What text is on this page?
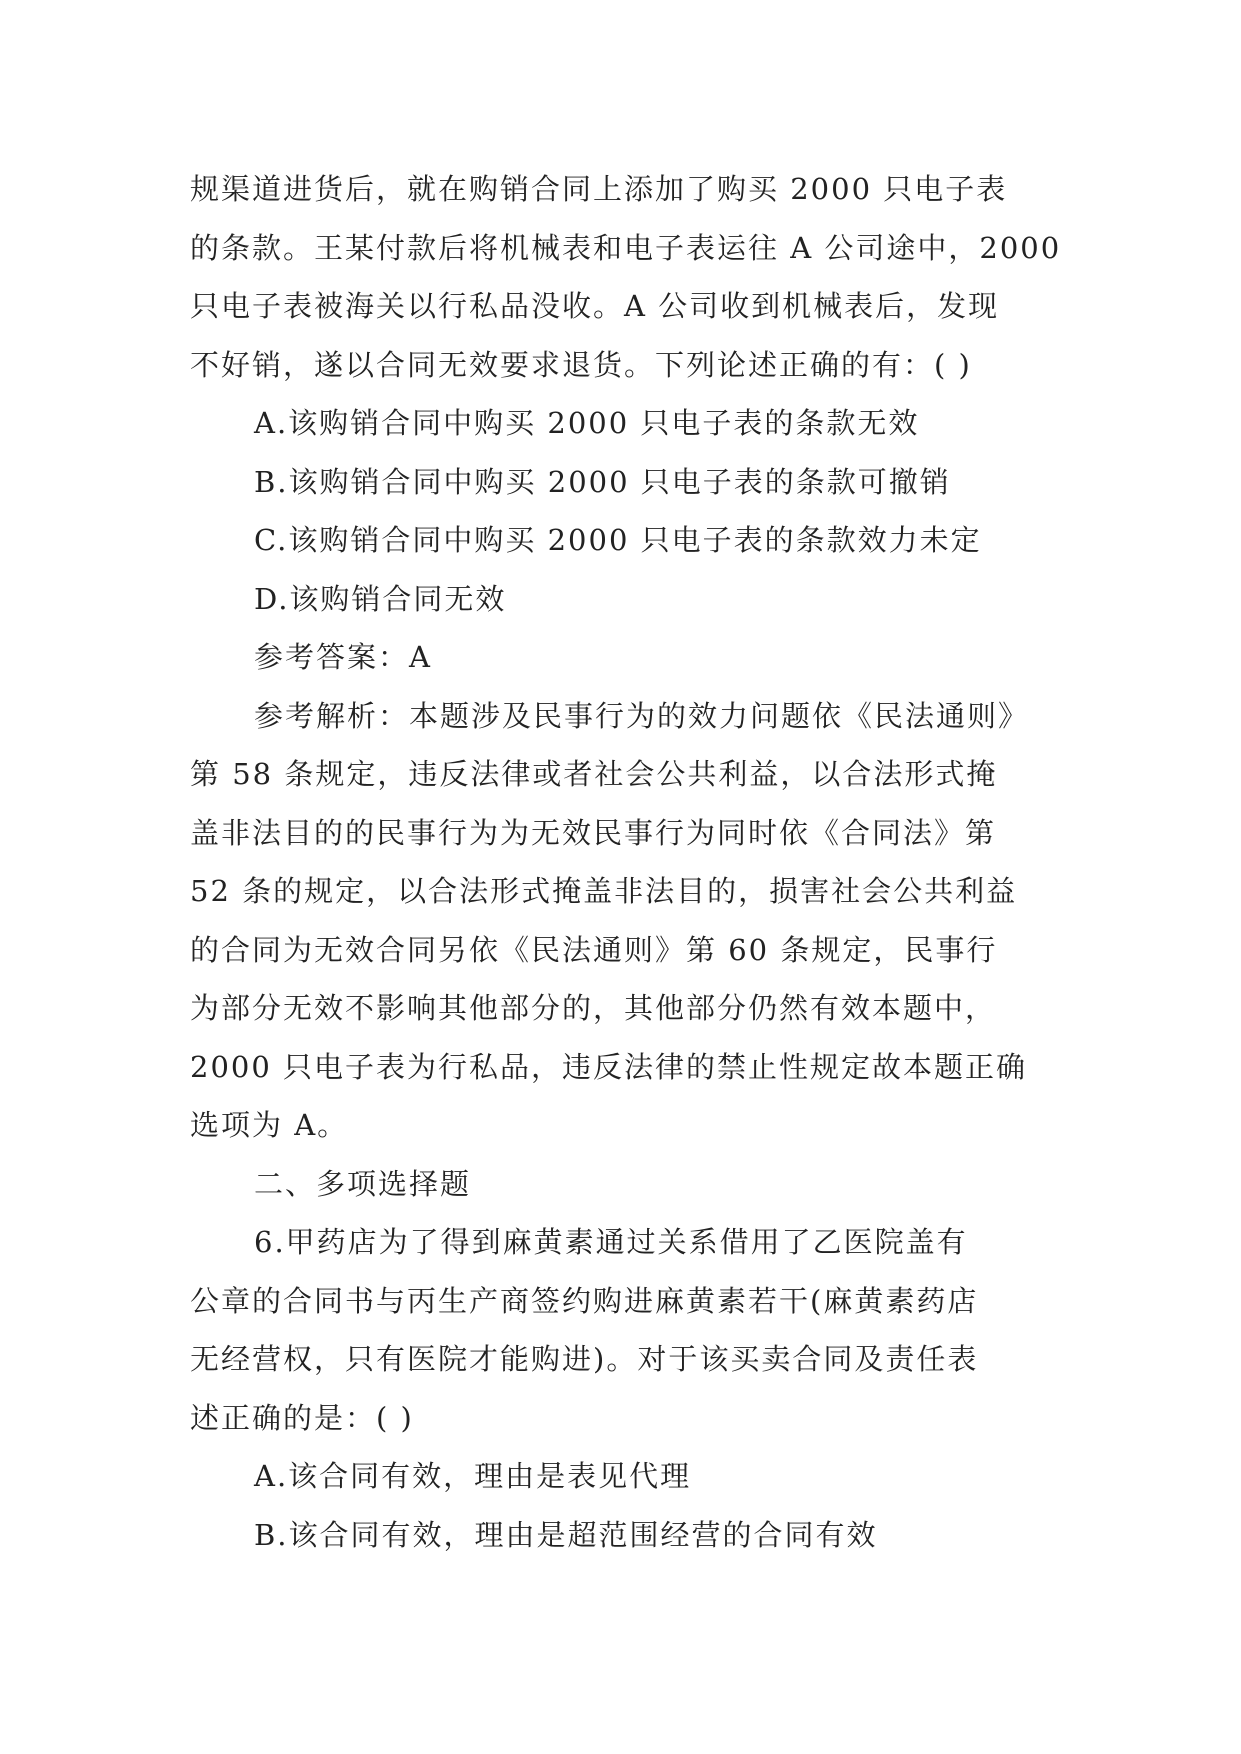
规渠道进货后，就在购销合同上添加了购买 2000 只电子表
的条款。王某付款后将机械表和电子表运往 A 公司途中，2000
只电子表被海关以行私品没收。A 公司收到机械表后，发现
不好销，遂以合同无效要求退货。下列论述正确的有：( )
A.该购销合同中购买 2000 只电子表的条款无效
B.该购销合同中购买 2000 只电子表的条款可撤销
C.该购销合同中购买 2000 只电子表的条款效力未定
D.该购销合同无效
参考答案：A
参考解析：本题涉及民事行为的效力问题依《民法通则》
第 58 条规定，违反法律或者社会公共利益，以合法形式掩
盖非法目的的民事行为为无效民事行为同时依《合同法》第
52 条的规定，以合法形式掩盖非法目的，损害社会公共利益
的合同为无效合同另依《民法通则》第 60 条规定，民事行
为部分无效不影响其他部分的，其他部分仍然有效本题中，
2000 只电子表为行私品，违反法律的禁止性规定故本题正确
选项为 A。
二、多项选择题
6.甲药店为了得到麻黄素通过关系借用了乙医院盖有
公章的合同书与丙生产商签约购进麻黄素若干(麻黄素药店
无经营权，只有医院才能购进)。对于该买卖合同及责任表
述正确的是：( )
A.该合同有效，理由是表见代理
B.该合同有效，理由是超范围经营的合同有效
